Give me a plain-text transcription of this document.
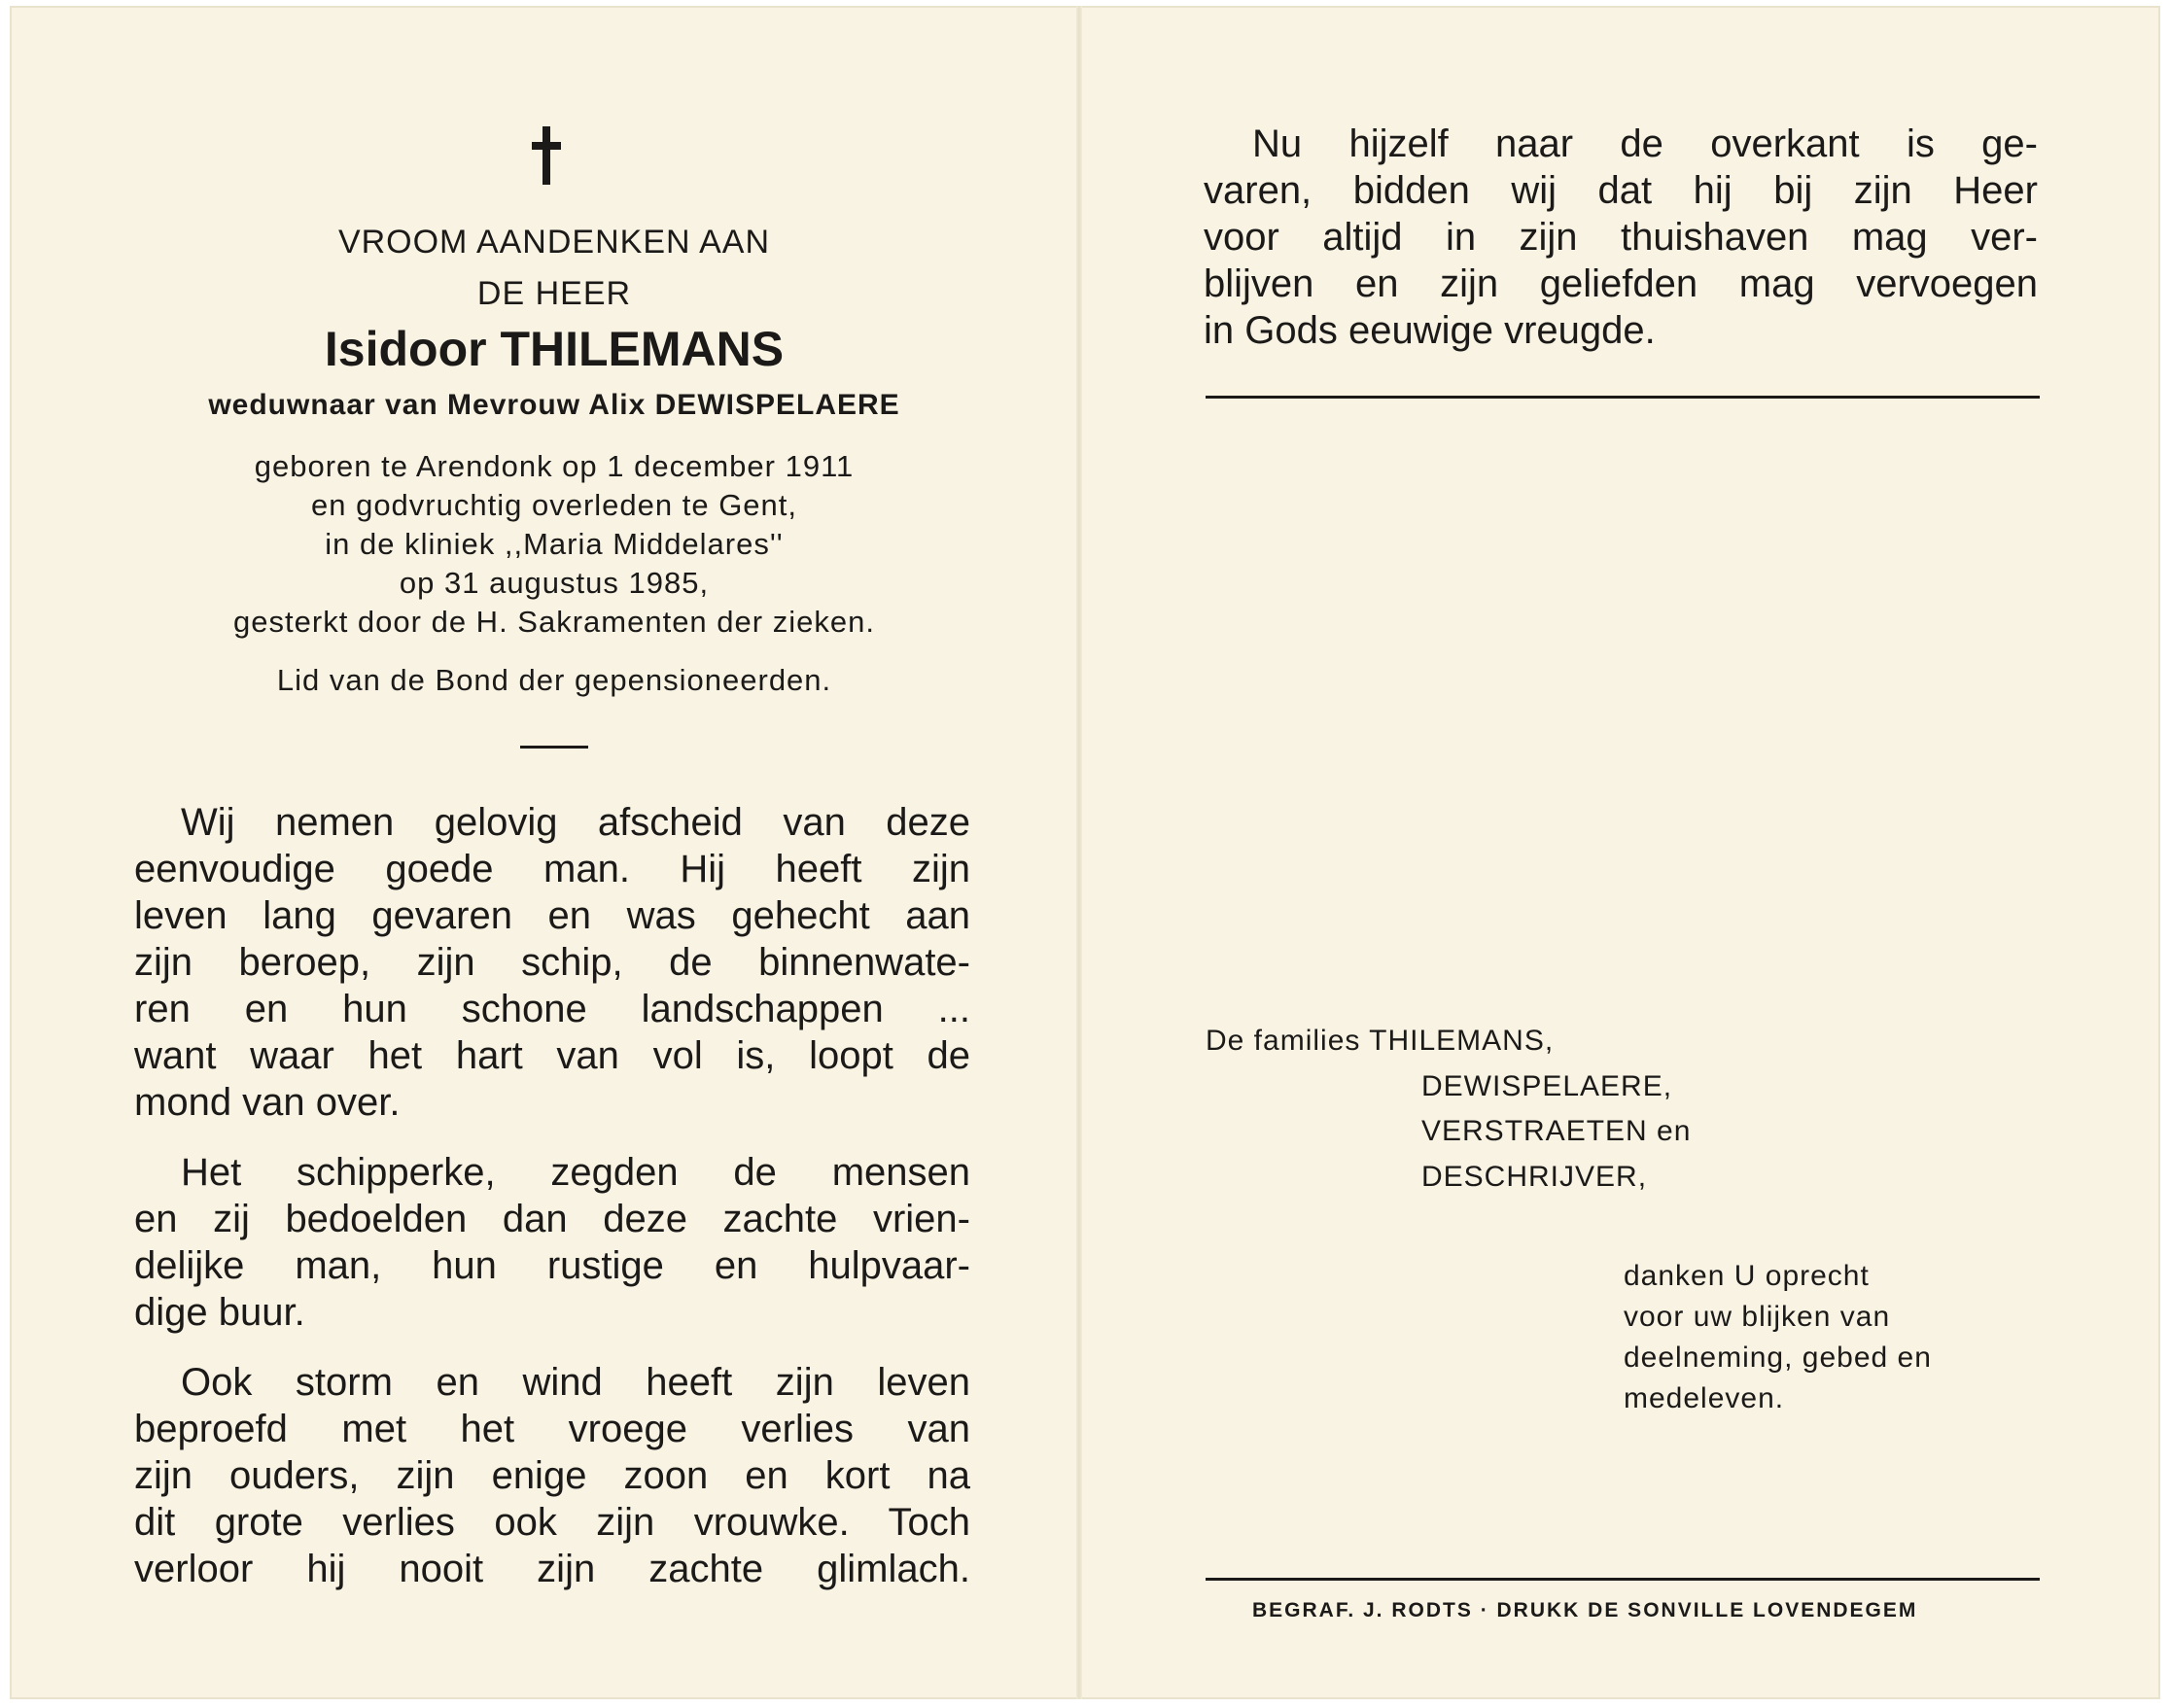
VROOM AANDENKEN AAN
DE HEER
Isidoor THILEMANS
weduwnaar van Mevrouw Alix DEWISPELAERE
geboren te Arendonk op 1 december 1911
en godvruchtig overleden te Gent,
in de kliniek ,,Maria Middelares''
op 31 augustus 1985,
gesterkt door de H. Sakramenten der zieken.
Lid van de Bond der gepensioneerden.
Wij nemen gelovig afscheid van deze
eenvoudige goede man. Hij heeft zijn
leven lang gevaren en was gehecht aan
zijn beroep, zijn schip, de binnenwate-
ren en hun schone landschappen ...
want waar het hart van vol is, loopt de
mond van over.
Het schipperke, zegden de mensen
en zij bedoelden dan deze zachte vrien-
delijke man, hun rustige en hulpvaar-
dige buur.
Ook storm en wind heeft zijn leven
beproefd met het vroege verlies van
zijn ouders, zijn enige zoon en kort na
dit grote verlies ook zijn vrouwke. Toch
verloor hij nooit zijn zachte glimlach.
Nu hijzelf naar de overkant is ge-
varen, bidden wij dat hij bij zijn Heer
voor altijd in zijn thuishaven mag ver-
blijven en zijn geliefden mag vervoegen
in Gods eeuwige vreugde.
De families THILEMANS,
DEWISPELAERE,
VERSTRAETEN en
DESCHRIJVER,
danken U oprecht
voor uw blijken van
deelneming, gebed en
medeleven.
BEGRAF. J. RODTS · DRUKK DE SONVILLE LOVENDEGEM
